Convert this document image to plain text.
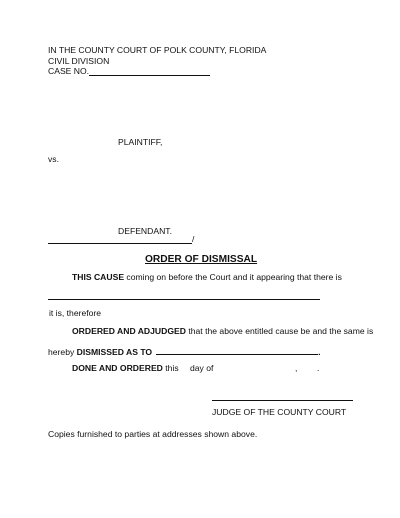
IN THE COUNTY COURT OF POLK COUNTY, FLORIDA
CIVIL DIVISION
CASE NO.
PLAINTIFF,
vs.
DEFENDANT.
/
ORDER OF DISMISSAL
THIS CAUSE coming on before the Court and it appearing that there is
it is, therefore
ORDERED AND ADJUDGED that the above entitled cause be and the same is
hereby DISMISSED AS TO	.
DONE AND ORDERED this day of	, .
JUDGE OF THE COUNTY COURT
Copies furnished to parties at addresses shown above.
